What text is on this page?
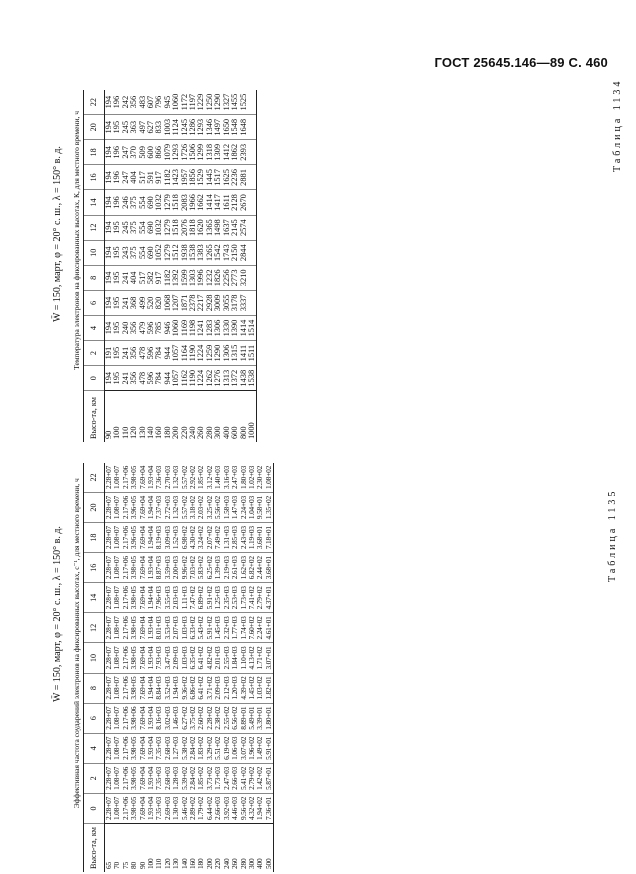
ГОСТ 25645.146—89 С. 460
Таблица 1134
W̄ = 150, март, φ = 20° с. ш., λ = 150° в. д.
	Температура электронов на фиксированных высотах, К, для местного времени, ч											
Высо-та, км	0	2	4	6	8	10	12	14	16	18	20	22
90	194	191	194	194	194	194	194	194	194	194	194	194
100	195	195	195	195	195	195	195	196	196	196	195	196
110	241	241	240	241	241	243	245	246	247	247	245	242
120	356	356	356	368	404	375	375	375	404	370	363	356
130	478	478	479	499	517	554	554	554	517	509	497	483
140	596	596	596	520	582	690	690	690	591	600	627	607
160	784	784	785	820	917	1052	1032	1032	917	866	833	796
180	944	944	946	1068	1182	1279	1279	1279	1182	1079	1003	945
200	1057	1057	1060	1207	1392	1512	1518	1518	1423	1293	1124	1060
220	1162	1164	1169	1871	1599	1938	2076	2083	1957	1726	1245	1172
240	1190	1190	1198	2378	1303	1538	1818	1966	1856	1506	1286	1197
260	1224	1224	1241	2217	1996	1383	1620	1662	1529	1299	1293	1229
280	1262	1259	1283	2928	1232	1265	1365	1414	1445	1318	1346	1250
300	1276	1290	1306	3009	1826	1542	1498	1417	1517	1309	1497	1290
400	1313	1306	1330	3055	2256	1743	1637	1611	1625	1412	1650	1327
600	1372	1315	1390	3178	2773	2150	2145	2128	2236	1862	1548	1455
800	1438	1411	1414	3337	3210	2844	2574	2670	2881	2393	1648	1525
1000	1538	1511	1514									
Таблица 1135
W̄ = 150, март, φ = 20° с. ш., λ = 150° в. д.
	Эффективная частота соударений электронов на фиксированных высотах, с⁻¹, для местного времени, ч											
Высо-та, км	0	2	4	6	8	10	12	14	16	18	20	22
65	2.28+07	2.28+07	2.28+07	2.28+07	2.28+07	2.28+07	2.28+07	2.28+07	2.28+07	2.28+07	2.28+07	2.28+07
70	1.08+07	1.08+07	1.08+07	1.08+07	1.08+07	1.08+07	1.08+07	1.08+07	1.08+07	1.08+07	1.08+07	1.08+07
75	2.17+06	2.17+06	2.17+06	2.17+06	2.17+06	2.17+06	2.17+06	2.17+06	2.17+06	2.17+06	2.17+06	2.17+06
80	3.98+05	3.98+05	3.98+05	3.98+06	3.98+05	3.98+05	3.98+05	3.98+05	3.98+05	3.96+05	3.96+05	3.98+05
90	7.69+04	7.69+04	7.69+04	7.69+04	7.69+04	7.69+04	7.69+04	7.69+04	7.69+04	7.69+04	7.69+04	7.69+04
100	1.93+04	1.93+04	1.93+04	1.93+04	1.94+04	1.93+04	1.93+04	1.94+04	1.93+04	1.94+04	1.94+04	1.93+04
110	7.35+03	7.35+03	7.35+03	8.16+03	8.84+03	7.93+03	8.01+03	7.96+03	8.87+03	8.19+03	7.37+03	7.36+03
120	2.69+03	2.68+03	2.68+03	3.02+03	3.52+03	3.47+03	3.53+03	3.55+03	3.59+03	3.09+03	2.72+03	2.70+03
130	1.30+03	1.28+03	1.27+03	1.46+03	1.94+03	2.09+03	2.07+03	2.03+03	2.00+03	1.52+03	1.32+03	1.32+03
140	5.46+02	5.39+02	5.38+02	6.27+02	9.36+02	1.03+03	1.03+03	1.11+03	9.96+02	6.98+02	5.57+02	5.57+02
160	2.89+02	2.84+02	2.84+02	3.75+02	6.86+02	6.35+02	6.33+02	7.47+02	7.03+02	4.30+02	3.18+02	2.92+02
180	1.79+02	1.85+02	1.83+02	2.60+02	6.41+02	6.41+02	5.43+02	6.89+02	5.83+02	3.24+02	2.03+02	1.85+02
200	6.44+02	3.73+02	3.29+02	2.28+02	3.71+02	4.82+02	5.91+02	5.91+02	6.25+02	2.07+02	3.25+02	3.12+02
220	2.66+03	1.73+03	5.51+02	2.38+02	2.09+03	2.01+03	1.45+03	1.25+03	1.39+03	7.49+02	5.56+02	1.40+03
240	3.92+03	2.47+03	6.19+02	2.55+02	2.12+03	2.55+03	2.32+03	2.35+03	2.19+03	1.31+03	1.58+03	3.16+03
260	4.46+03	2.66+03	1.06+03	6.56+02	1.20+03	1.84+03	1.77+03	2.53+03	2.61+03	2.85+03	1.47+03	2.47+03
280	9.56+02	5.41+02	3.07+02	8.89+01	4.39+02	1.10+03	1.74+03	1.73+03	1.62+03	2.43+03	2.24+03	1.80+03
300	4.32+02	2.79+02	1.96+02	5.49+01	1.45+02	4.13+02	7.60+02	7.41+02	6.82+02	1.19+03	1.04+03	1.02+03
400	1.94+02	1.42+02	1.49+02	3.39+01	1.03+02	1.71+02	2.24+02	2.79+02	2.44+02	3.68+01	9.58+01	2.30+02
500	7.36+01	5.87+01	5.91+01	1.80+01	1.82+01	3.07+01	4.61+01	4.37+01	3.68+01	7.18+01	1.35+02	1.08+02
